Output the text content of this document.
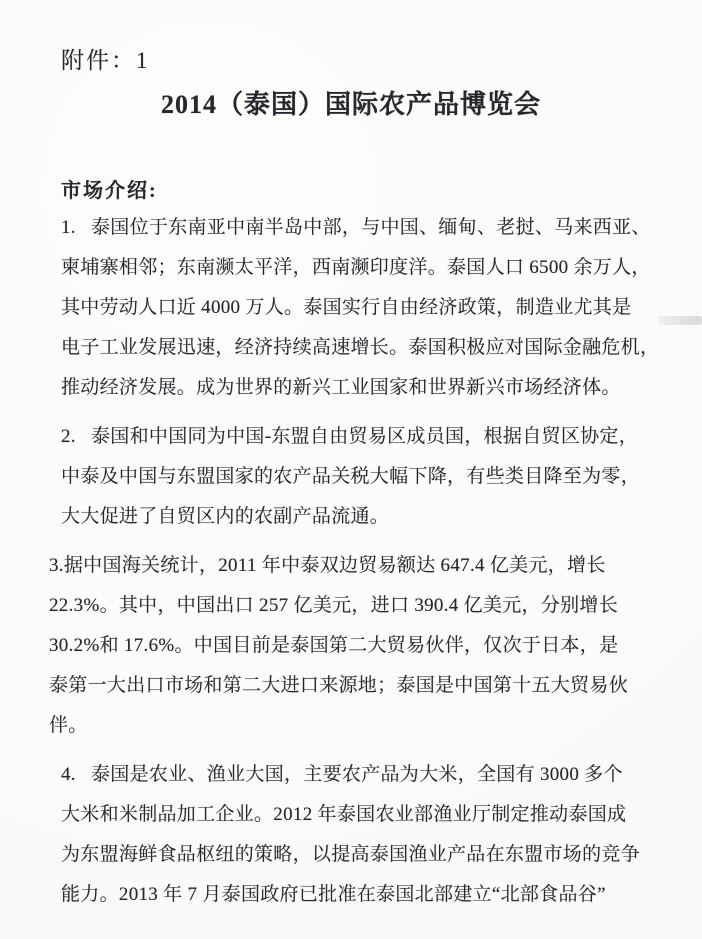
附件：1
2014（泰国）国际农产品博览会
市场介绍:
1.   泰国位于东南亚中南半岛中部，与中国、缅甸、老挝、马来西亚、
柬埔寨相邻；东南濒太平洋，西南濒印度洋。泰国人口 6500 余万人，
其中劳动人口近 4000 万人。泰国实行自由经济政策，制造业尤其是
电子工业发展迅速，经济持续高速增长。泰国积极应对国际金融危机，
推动经济发展。成为世界的新兴工业国家和世界新兴市场经济体。
2.   泰国和中国同为中国-东盟自由贸易区成员国，根据自贸区协定，
中泰及中国与东盟国家的农产品关税大幅下降，有些类目降至为零，
大大促进了自贸区内的农副产品流通。
3.据中国海关统计，2011 年中泰双边贸易额达 647.4 亿美元，增长
22.3%。其中，中国出口 257 亿美元，进口 390.4 亿美元，分别增长
30.2%和 17.6%。中国目前是泰国第二大贸易伙伴，仅次于日本，是
泰第一大出口市场和第二大进口来源地；泰国是中国第十五大贸易伙
伴。
4.   泰国是农业、渔业大国，主要农产品为大米，全国有 3000 多个
大米和米制品加工企业。2012 年泰国农业部渔业厅制定推动泰国成
为东盟海鲜食品枢纽的策略，以提高泰国渔业产品在东盟市场的竞争
能力。2013 年 7 月泰国政府已批准在泰国北部建立“北部食品谷”
